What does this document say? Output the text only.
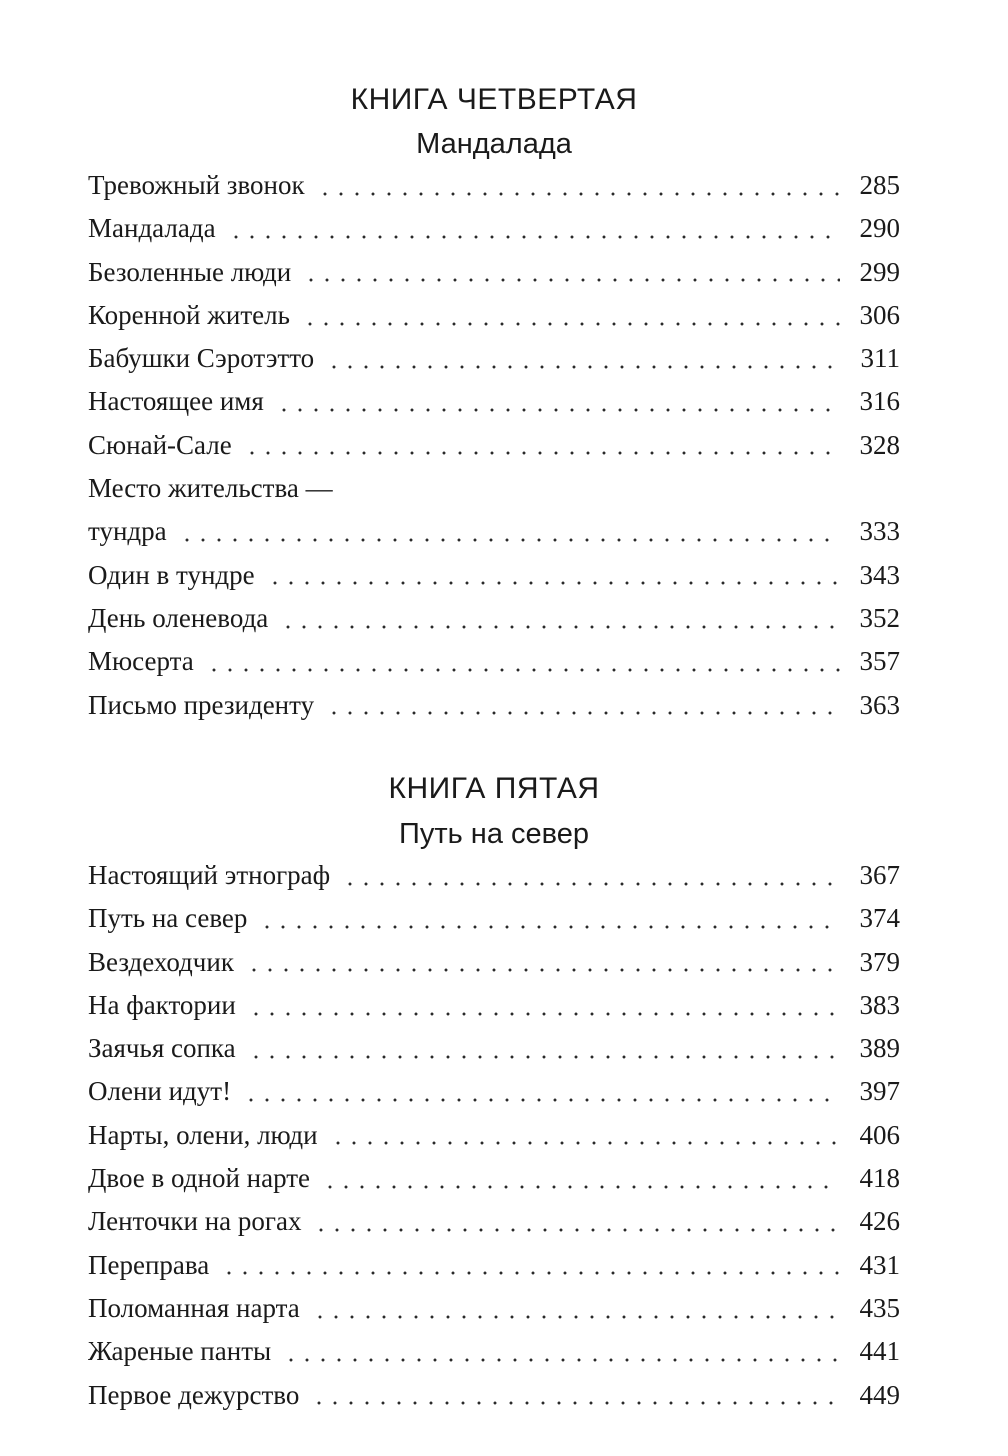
КНИГА ЧЕТВЕРТАЯ
Мандалада
Тревожный звонок	285
Мандалада	290
Безоленные люди	299
Коренной житель	306
Бабушки Сэротэтто	311
Настоящее имя	316
Сюнай-Сале	328
Место жительства —
тундра	333
Один в тундре	343
День оленевода	352
Мюсерта	357
Письмо президенту	363
КНИГА ПЯТАЯ
Путь на север
Настоящий этнограф	367
Путь на север	374
Вездеходчик	379
На фактории	383
Заячья сопка	389
Олени идут!	397
Нарты, олени, люди	406
Двое в одной нарте	418
Ленточки на рогах	426
Переправа	431
Поломанная нарта	435
Жареные панты	441
Первое дежурство	449
